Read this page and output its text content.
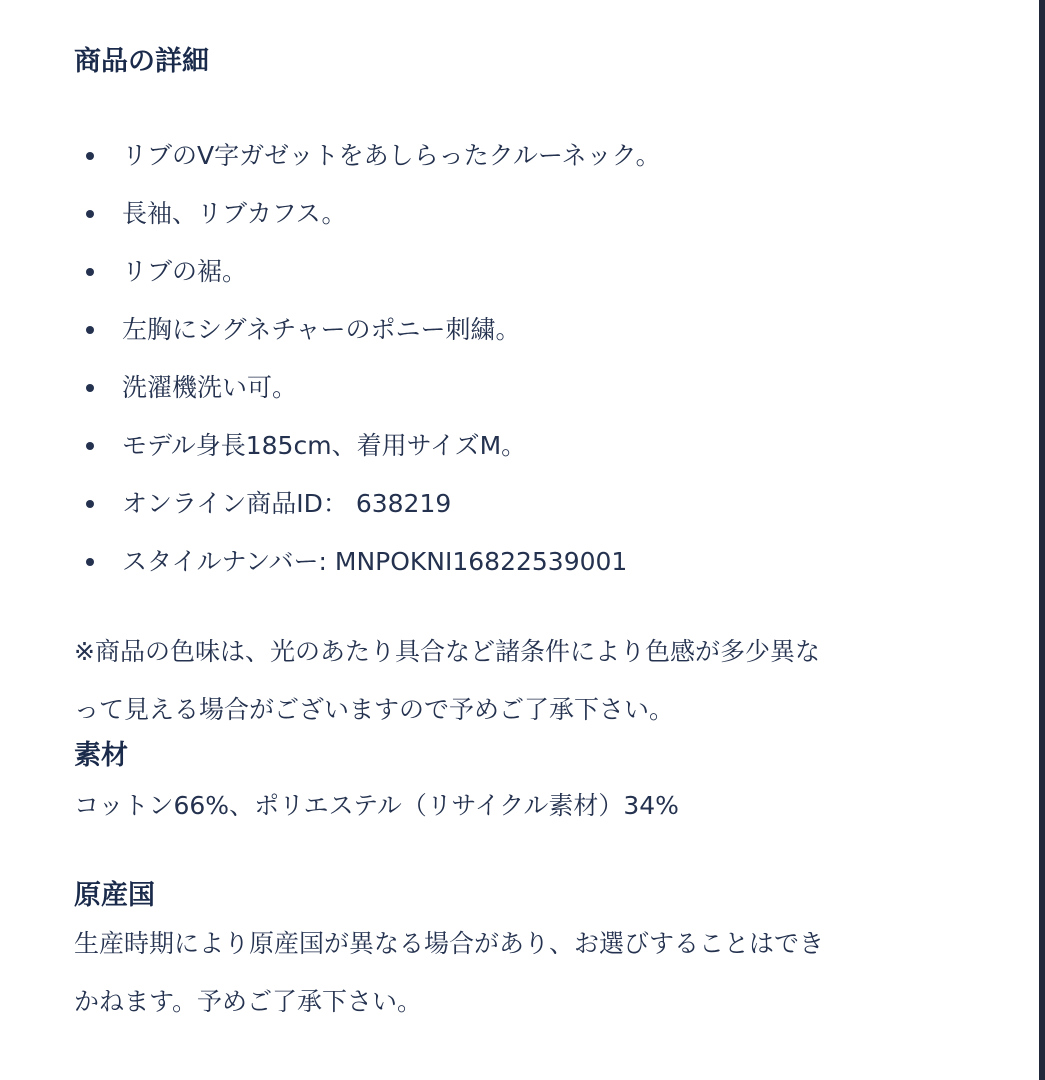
商品の詳細
リブのV字ガゼットをあしらったクルーネック。
長袖、リブカフス。
リブの裾。
左胸にシグネチャーのポニー刺繍。
洗濯機洗い可。
モデル身長185cm、着用サイズM。
オンライン商品ID： 638219
スタイルナンバー: MNPOKNI16822539001

※商品の色味は、光のあたり具合など諸条件により色感が多少異な

って見える場合がございますので予めご了承下さい。

素材

コットン66%、ポリエステル（リサイクル素材）34%

原産国

生産時期により原産国が異なる場合があり、お選びすることはでき

かねます。予めご了承下さい。
